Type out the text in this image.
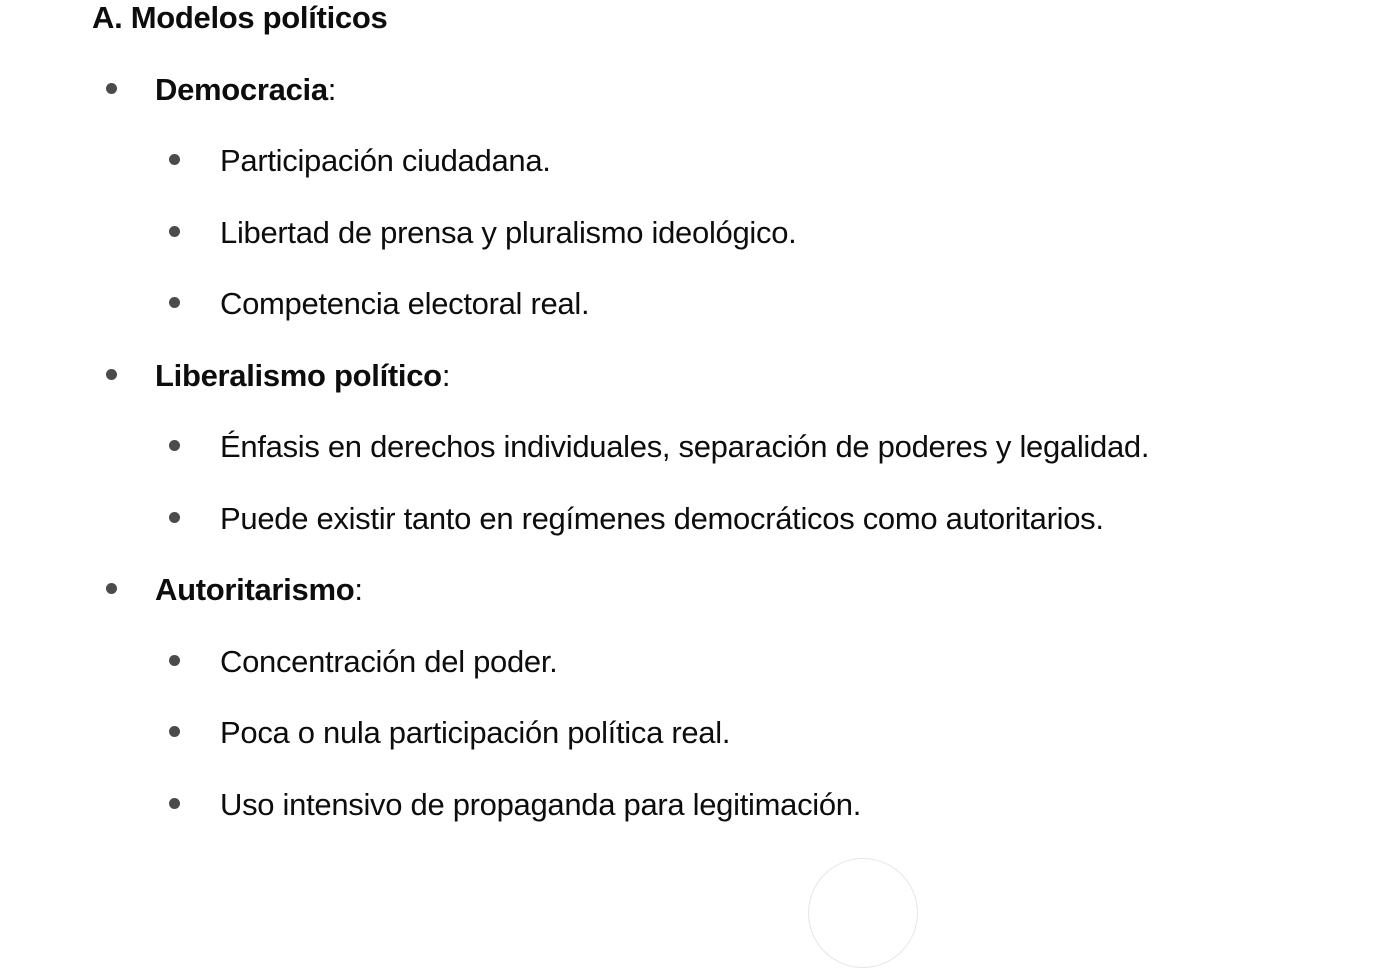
A. Modelos políticos
Democracia:
Participación ciudadana.
Libertad de prensa y pluralismo ideológico.
Competencia electoral real.
Liberalismo político:
Énfasis en derechos individuales, separación de poderes y legalidad.
Puede existir tanto en regímenes democráticos como autoritarios.
Autoritarismo:
Concentración del poder.
Poca o nula participación política real.
Uso intensivo de propaganda para legitimación.
